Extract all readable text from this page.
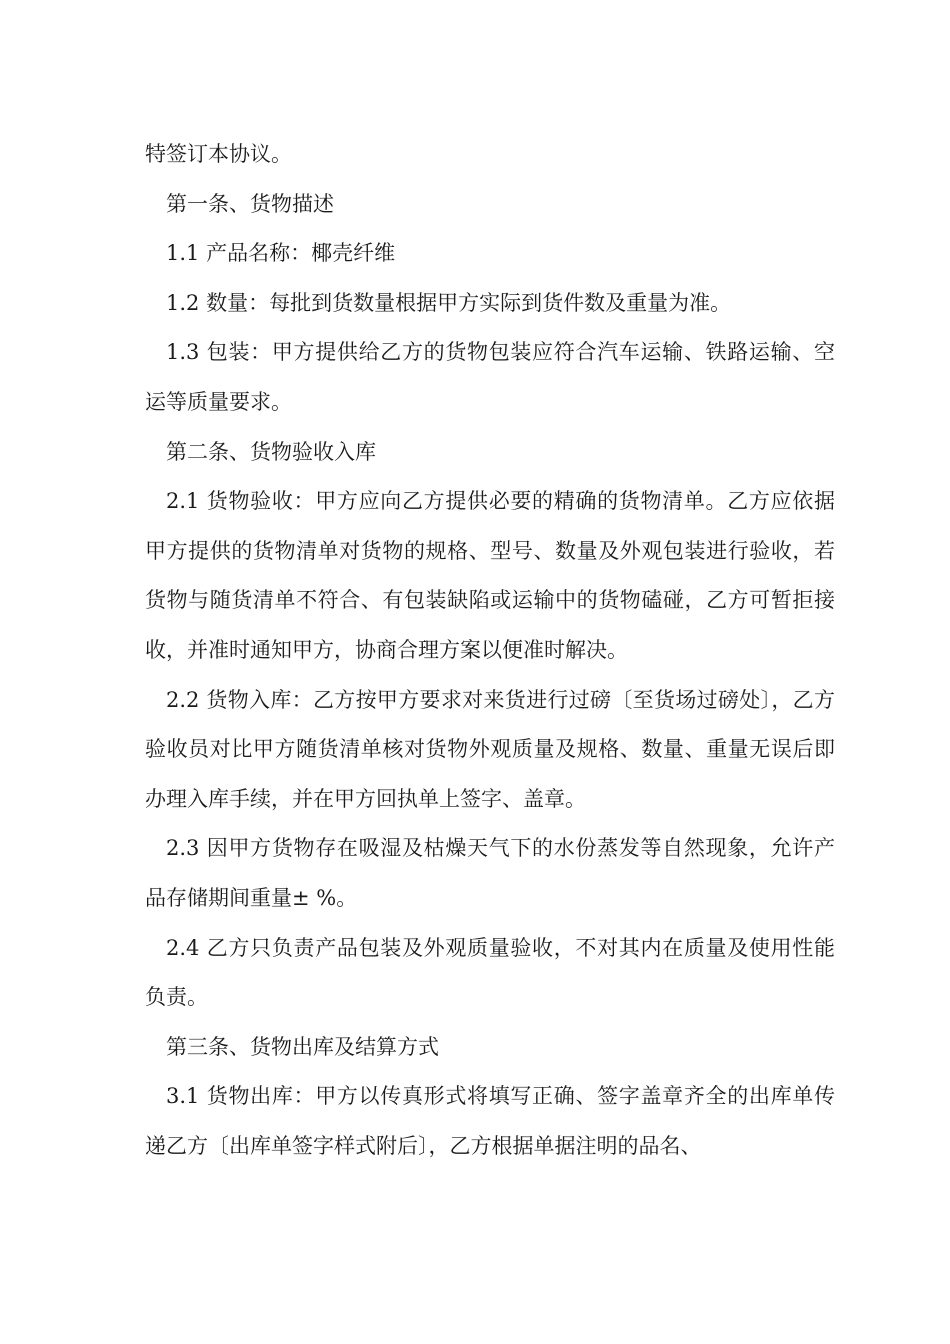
特签订本协议。

第一条、货物描述

1.1 产品名称：椰壳纤维

1.2 数量：每批到货数量根据甲方实际到货件数及重量为准。

1.3 包装：甲方提供给乙方的货物包装应符合汽车运输、铁路运输、空运等质量要求。

第二条、货物验收入库

2.1 货物验收：甲方应向乙方提供必要的精确的货物清单。乙方应依据甲方提供的货物清单对货物的规格、型号、数量及外观包装进行验收，若货物与随货清单不符合、有包装缺陷或运输中的货物磕碰，乙方可暂拒接收，并准时通知甲方，协商合理方案以便准时解决。

2.2 货物入库：乙方按甲方要求对来货进行过磅〔至货场过磅处〕，乙方验收员对比甲方随货清单核对货物外观质量及规格、数量、重量无误后即办理入库手续，并在甲方回执单上签字、盖章。

2.3 因甲方货物存在吸湿及枯燥天气下的水份蒸发等自然现象，允许产品存储期间重量± %。

2.4 乙方只负责产品包装及外观质量验收，不对其内在质量及使用性能负责。

第三条、货物出库及结算方式

3.1 货物出库：甲方以传真形式将填写正确、签字盖章齐全的出库单传递乙方〔出库单签字样式附后〕，乙方根据单据注明的品名、
